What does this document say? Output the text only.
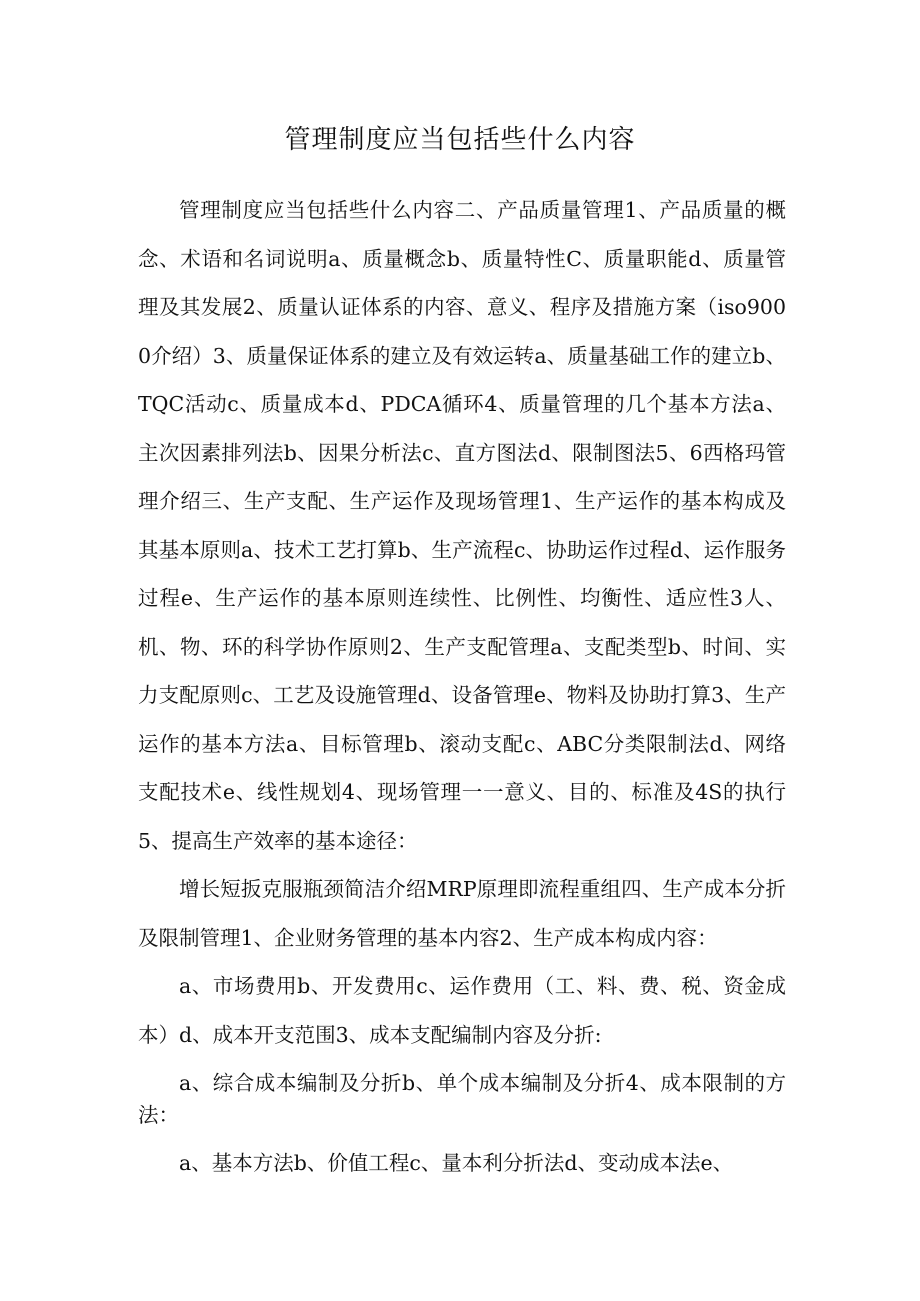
管理制度应当包括些什么内容

管理制度应当包括些什么内容二、产品质量管理1、产品质量的概念、术语和名词说明a、质量概念b、质量特性C、质量职能d、质量管理及其发展2、质量认证体系的内容、意义、程序及措施方案（iso9000介绍）3、质量保证体系的建立及有效运转a、质量基础工作的建立b、TQC活动c、质量成本d、PDCA循环4、质量管理的几个基本方法a、主次因素排列法b、因果分析法c、直方图法d、限制图法5、6西格玛管理介绍三、生产支配、生产运作及现场管理1、生产运作的基本构成及其基本原则a、技术工艺打算b、生产流程c、协助运作过程d、运作服务过程e、生产运作的基本原则连续性、比例性、均衡性、适应性3人、机、物、环的科学协作原则2、生产支配管理a、支配类型b、时间、实力支配原则c、工艺及设施管理d、设备管理e、物料及协助打算3、生产运作的基本方法a、目标管理b、滚动支配c、ABC分类限制法d、网络支配技术e、线性规划4、现场管理一一意义、目的、标准及4S的执行5、提高生产效率的基本途径：

增长短扳克服瓶颈简洁介绍MRP原理即流程重组四、生产成本分折及限制管理1、企业财务管理的基本内容2、生产成本构成内容：

a、市场费用b、开发费用c、运作费用（工、料、费、税、资金成本）d、成本开支范围3、成本支配编制内容及分折:

a、综合成本编制及分折b、单个成本编制及分折4、成本限制的方法：

a、基本方法b、价值工程c、量本利分折法d、变动成本法e、
